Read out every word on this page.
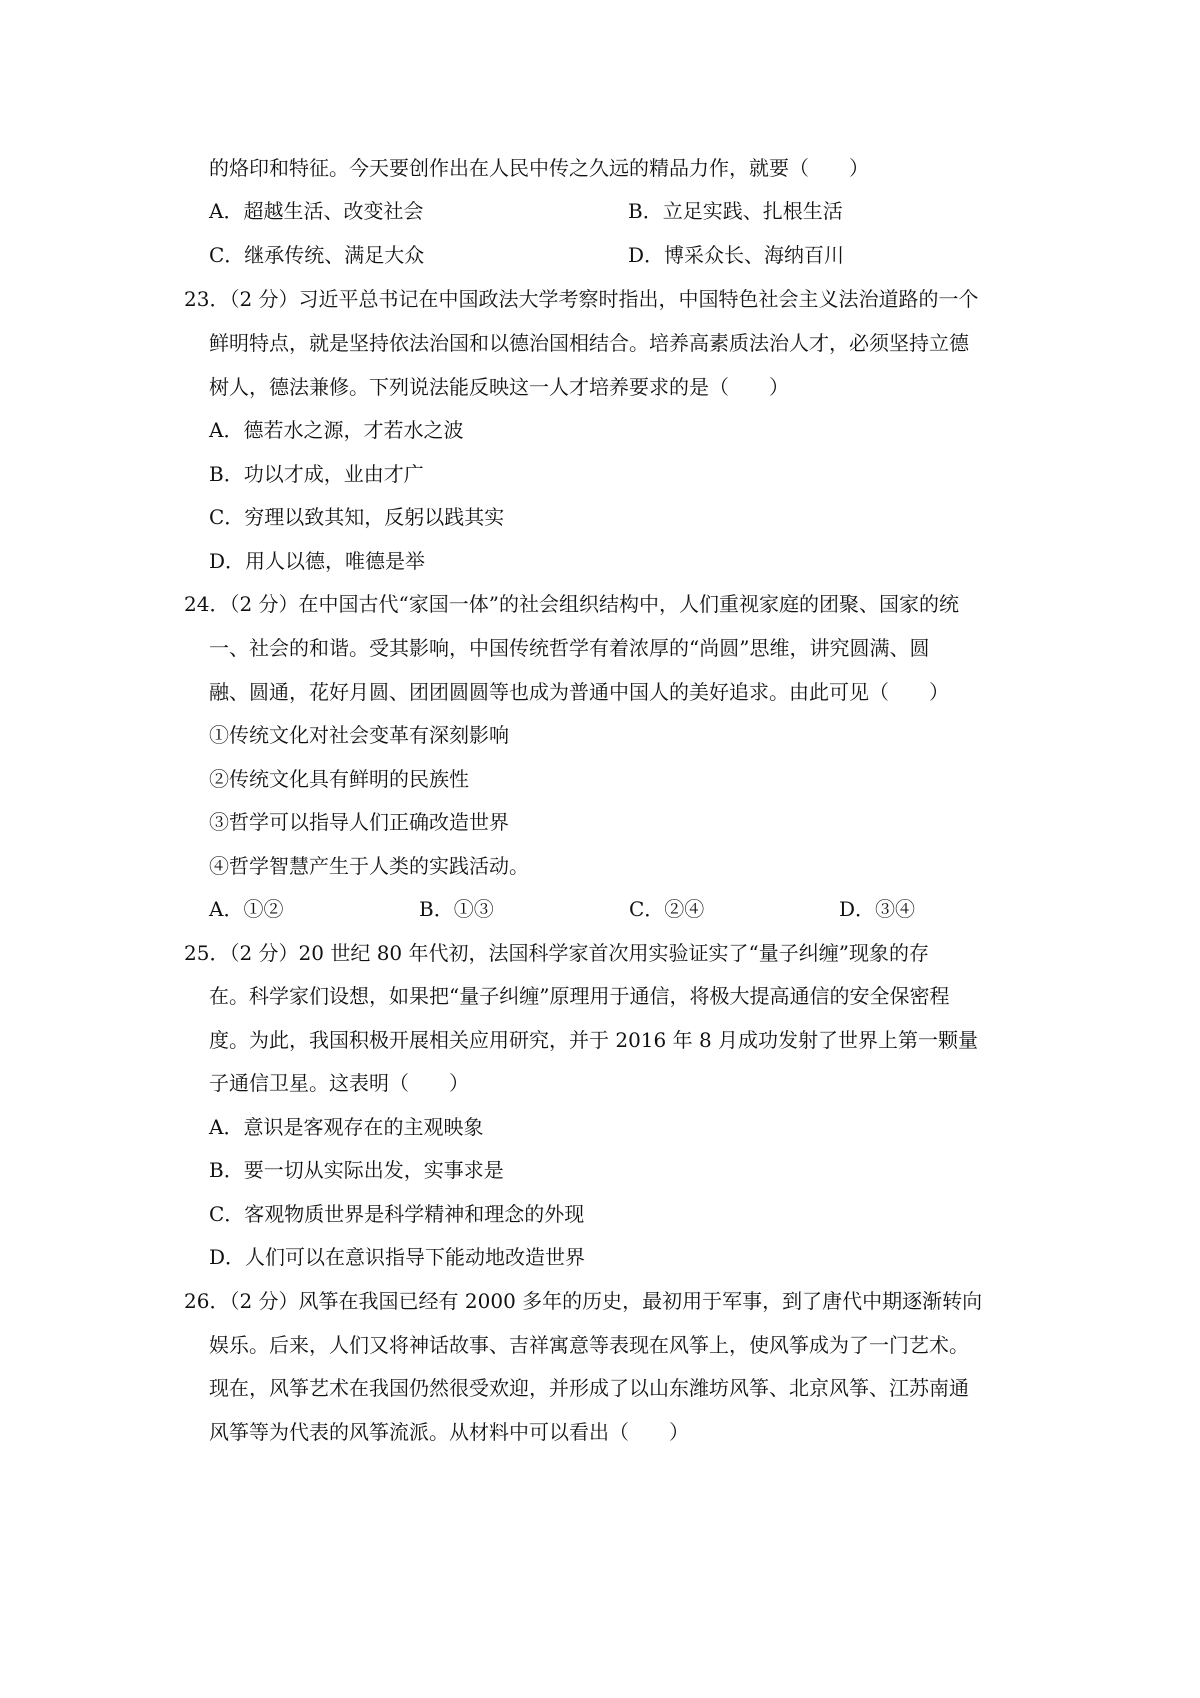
的烙印和特征。今天要创作出在人民中传之久远的精品力作，就要（　　）
A．超越生活、改变社会	B．立足实践、扎根生活
C．继承传统、满足大众	D．博采众长、海纳百川
23．（2 分）习近平总书记在中国政法大学考察时指出，中国特色社会主义法治道路的一个
鲜明特点，就是坚持依法治国和以德治国相结合。培养高素质法治人才，必须坚持立德
树人，德法兼修。下列说法能反映这一人才培养要求的是（　　）
A．德若水之源，才若水之波
B．功以才成，业由才广
C．穷理以致其知，反躬以践其实
D．用人以德，唯德是举
24．（2 分）在中国古代“家国一体”的社会组织结构中，人们重视家庭的团聚、国家的统
一、社会的和谐。受其影响，中国传统哲学有着浓厚的“尚圆”思维，讲究圆满、圆
融、圆通，花好月圆、团团圆圆等也成为普通中国人的美好追求。由此可见（　　）
①传统文化对社会变革有深刻影响
②传统文化具有鲜明的民族性
③哲学可以指导人们正确改造世界
④哲学智慧产生于人类的实践活动。
A．①②	B．①③	C．②④	D．③④
25．（2 分）20 世纪 80 年代初，法国科学家首次用实验证实了“量子纠缠”现象的存
在。科学家们设想，如果把“量子纠缠”原理用于通信，将极大提高通信的安全保密程
度。为此，我国积极开展相关应用研究，并于 2016 年 8 月成功发射了世界上第一颗量
子通信卫星。这表明（　　）
A．意识是客观存在的主观映象
B．要一切从实际出发，实事求是
C．客观物质世界是科学精神和理念的外现
D．人们可以在意识指导下能动地改造世界
26．（2 分）风筝在我国已经有 2000 多年的历史，最初用于军事，到了唐代中期逐渐转向
娱乐。后来，人们又将神话故事、吉祥寓意等表现在风筝上，使风筝成为了一门艺术。
现在，风筝艺术在我国仍然很受欢迎，并形成了以山东潍坊风筝、北京风筝、江苏南通
风筝等为代表的风筝流派。从材料中可以看出（　　）
